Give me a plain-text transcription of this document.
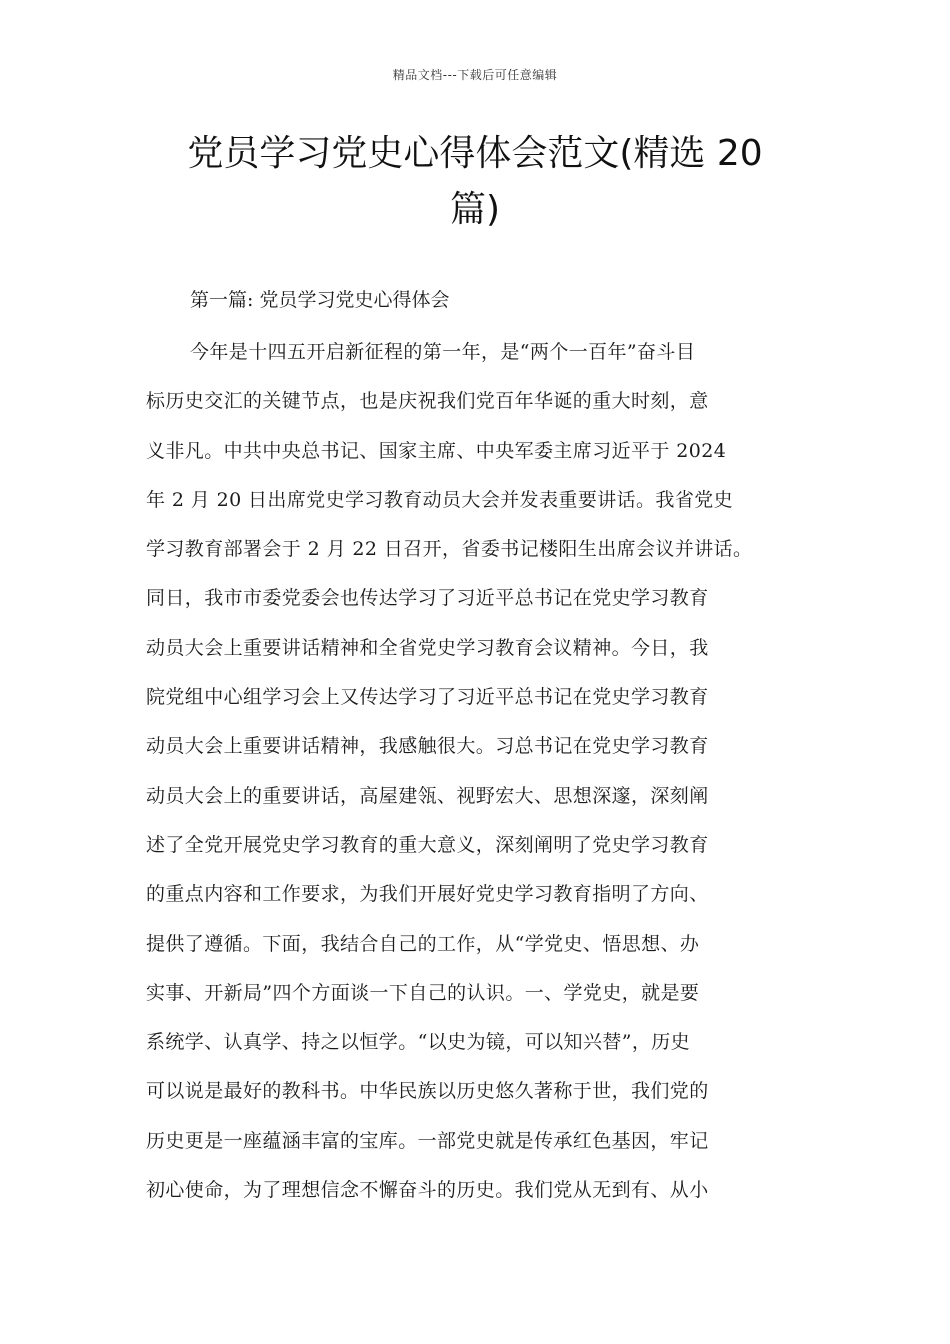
精品文档---下载后可任意编辑
党员学习党史心得体会范文(精选 20
篇)
第一篇: 党员学习党史心得体会
今年是十四五开启新征程的第一年，是“两个一百年”奋斗目
标历史交汇的关键节点，也是庆祝我们党百年华诞的重大时刻，意
义非凡。中共中央总书记、国家主席、中央军委主席习近平于 2024
年 2 月 20 日出席党史学习教育动员大会并发表重要讲话。我省党史
学习教育部署会于 2 月 22 日召开，省委书记楼阳生出席会议并讲话。
同日，我市市委党委会也传达学习了习近平总书记在党史学习教育
动员大会上重要讲话精神和全省党史学习教育会议精神。今日，我
院党组中心组学习会上又传达学习了习近平总书记在党史学习教育
动员大会上重要讲话精神，我感触很大。习总书记在党史学习教育
动员大会上的重要讲话，高屋建瓴、视野宏大、思想深邃，深刻阐
述了全党开展党史学习教育的重大意义，深刻阐明了党史学习教育
的重点内容和工作要求，为我们开展好党史学习教育指明了方向、
提供了遵循。下面，我结合自己的工作，从“学党史、悟思想、办
实事、开新局”四个方面谈一下自己的认识。一、学党史，就是要
系统学、认真学、持之以恒学。“以史为镜，可以知兴替”，历史
可以说是最好的教科书。中华民族以历史悠久著称于世，我们党的
历史更是一座蕴涵丰富的宝库。一部党史就是传承红色基因，牢记
初心使命，为了理想信念不懈奋斗的历史。我们党从无到有、从小
